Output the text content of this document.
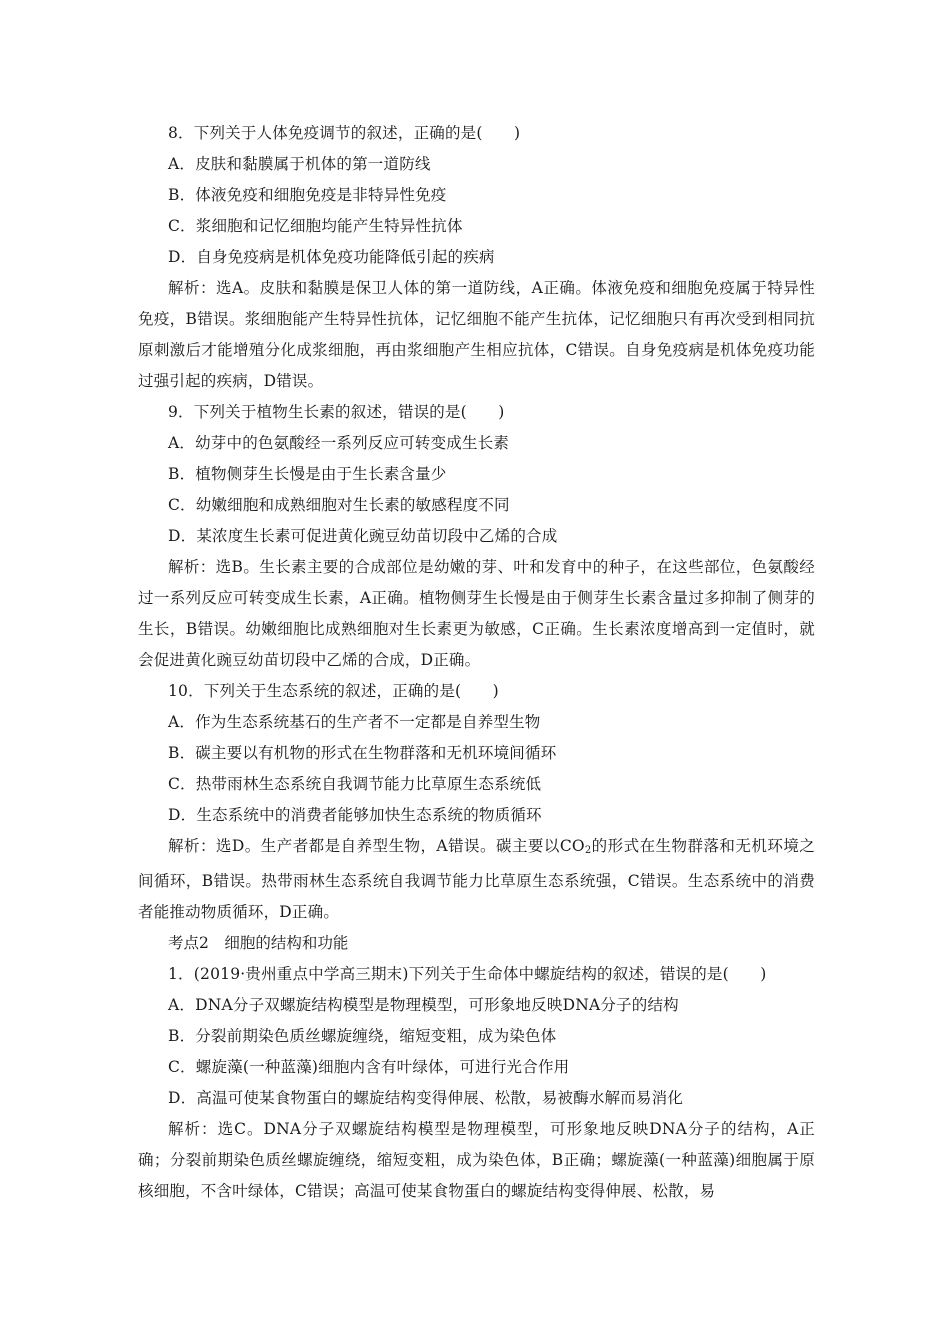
8．下列关于人体免疫调节的叙述，正确的是(　　)

A．皮肤和黏膜属于机体的第一道防线

B．体液免疫和细胞免疫是非特异性免疫

C．浆细胞和记忆细胞均能产生特异性抗体

D．自身免疫病是机体免疫功能降低引起的疾病

解析：选A。皮肤和黏膜是保卫人体的第一道防线，A正确。体液免疫和细胞免疫属于特异性免疫，B错误。浆细胞能产生特异性抗体，记忆细胞不能产生抗体，记忆细胞只有再次受到相同抗原刺激后才能增殖分化成浆细胞，再由浆细胞产生相应抗体，C错误。自身免疫病是机体免疫功能过强引起的疾病，D错误。

9．下列关于植物生长素的叙述，错误的是(　　)

A．幼芽中的色氨酸经一系列反应可转变成生长素

B．植物侧芽生长慢是由于生长素含量少

C．幼嫩细胞和成熟细胞对生长素的敏感程度不同

D．某浓度生长素可促进黄化豌豆幼苗切段中乙烯的合成

解析：选B。生长素主要的合成部位是幼嫩的芽、叶和发育中的种子，在这些部位，色氨酸经过一系列反应可转变成生长素，A正确。植物侧芽生长慢是由于侧芽生长素含量过多抑制了侧芽的生长，B错误。幼嫩细胞比成熟细胞对生长素更为敏感，C正确。生长素浓度增高到一定值时，就会促进黄化豌豆幼苗切段中乙烯的合成，D正确。

10．下列关于生态系统的叙述，正确的是(　　)

A．作为生态系统基石的生产者不一定都是自养型生物

B．碳主要以有机物的形式在生物群落和无机环境间循环

C．热带雨林生态系统自我调节能力比草原生态系统低

D．生态系统中的消费者能够加快生态系统的物质循环

解析：选D。生产者都是自养型生物，A错误。碳主要以$CO_2$的形式在生物群落和无机环境之间循环，B错误。热带雨林生态系统自我调节能力比草原生态系统强，C错误。生态系统中的消费者能推动物质循环，D正确。

考点2　细胞的结构和功能

1．(2019·贵州重点中学高三期末)下列关于生命体中螺旋结构的叙述，错误的是(　　)

A．DNA分子双螺旋结构模型是物理模型，可形象地反映DNA分子的结构

B．分裂前期染色质丝螺旋缠绕，缩短变粗，成为染色体

C．螺旋藻(一种蓝藻)细胞内含有叶绿体，可进行光合作用

D．高温可使某食物蛋白的螺旋结构变得伸展、松散，易被酶水解而易消化

解析：选C。DNA分子双螺旋结构模型是物理模型，可形象地反映DNA分子的结构，A正确；分裂前期染色质丝螺旋缠绕，缩短变粗，成为染色体，B正确；螺旋藻(一种蓝藻)细胞属于原核细胞，不含叶绿体，C错误；高温可使某食物蛋白的螺旋结构变得伸展、松散，易
